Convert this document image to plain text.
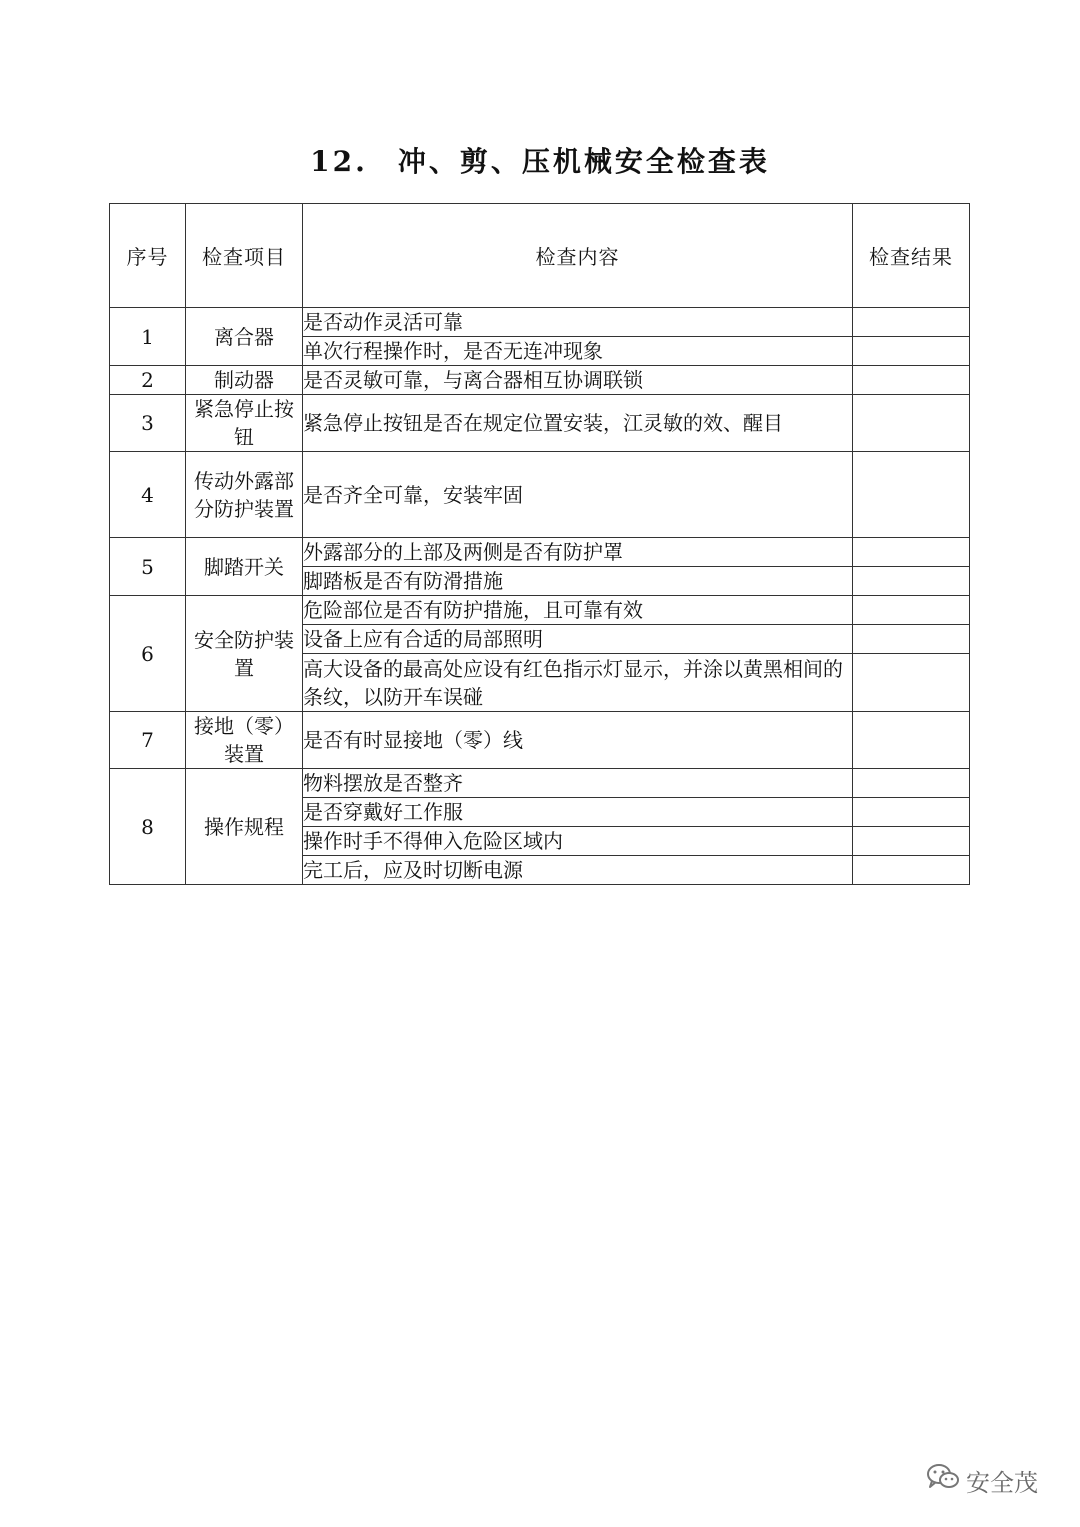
12. 冲、剪、压机械安全检查表
序号	检查项目	检查内容	检查结果
1	离合器	是否动作灵活可靠	
		单次行程操作时，是否无连冲现象	
2	制动器	是否灵敏可靠，与离合器相互协调联锁	
3	紧急停止按钮	紧急停止按钮是否在规定位置安装，江灵敏的效、醒目	
4	传动外露部分防护装置	是否齐全可靠，安装牢固	
5	脚踏开关	外露部分的上部及两侧是否有防护罩	
		脚踏板是否有防滑措施	
6	安全防护装置	危险部位是否有防护措施，且可靠有效	
		设备上应有合适的局部照明	
		高大设备的最高处应设有红色指示灯显示，并涂以黄黑相间的条纹，以防开车误碰	
7	接地（零）装置	是否有时显接地（零）线	
8	操作规程	物料摆放是否整齐	
		是否穿戴好工作服	
		操作时手不得伸入危险区域内	
		完工后，应及时切断电源	
安全茂
